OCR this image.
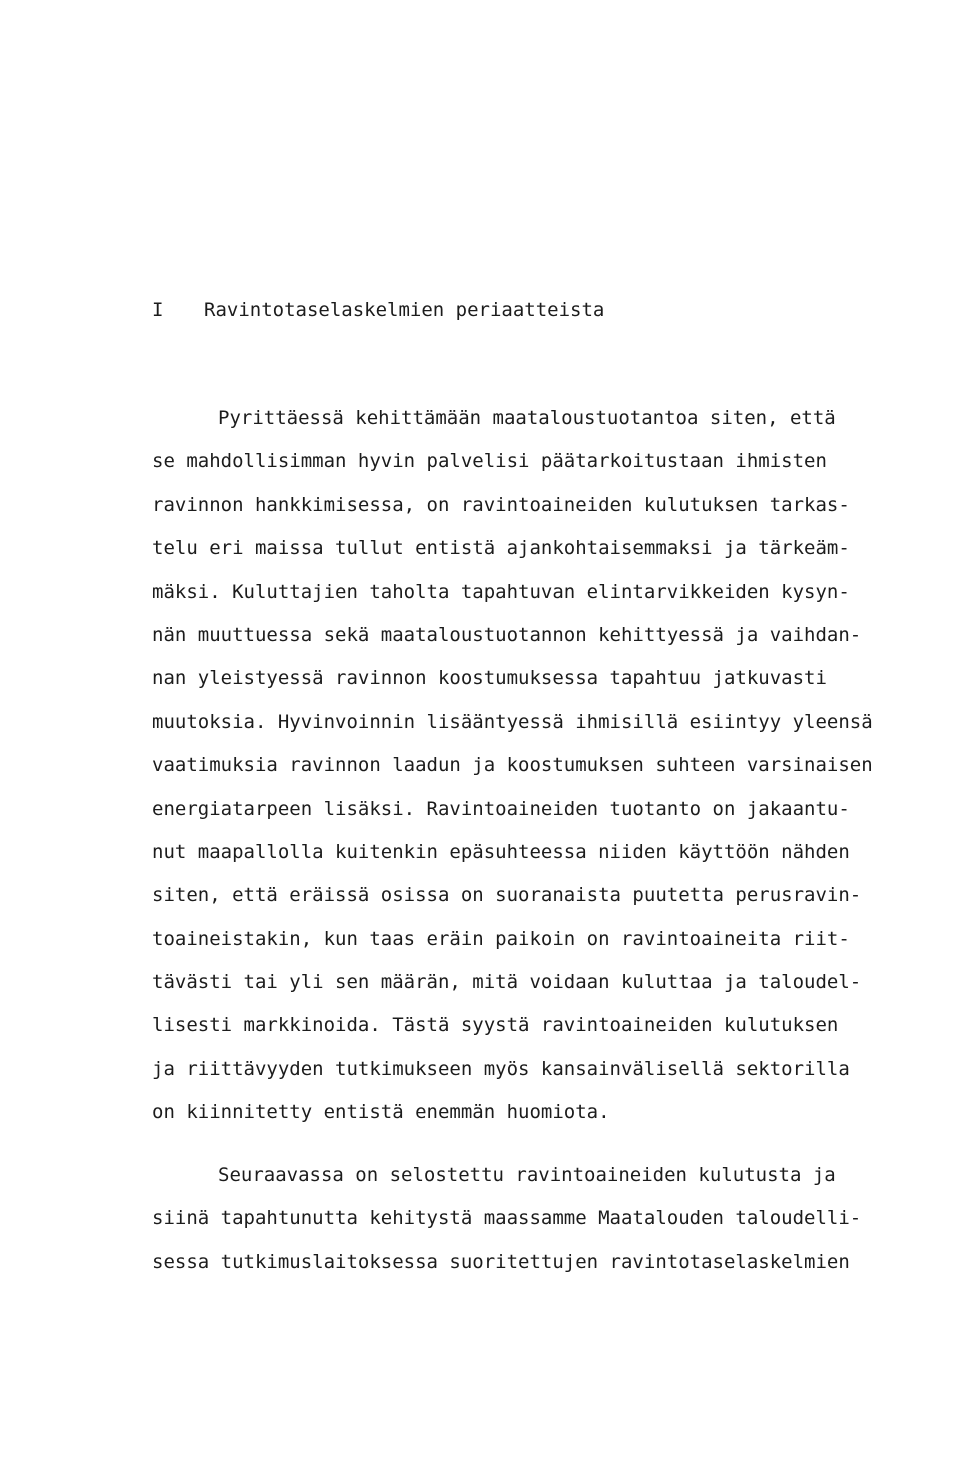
I Ravintotaselaskelmien periaatteista
Pyrittäessä kehittämään maataloustuotantoa siten, että
se mahdollisimman hyvin palvelisi päätarkoitustaan ihmisten
ravinnon hankkimisessa, on ravintoaineiden kulutuksen tarkas-
telu eri maissa tullut entistä ajankohtaisemmaksi ja tärkeäm-
mäksi. Kuluttajien taholta tapahtuvan elintarvikkeiden kysyn-
nän muuttuessa sekä maataloustuotannon kehittyessä ja vaihdan-
nan yleistyessä ravinnon koostumuksessa tapahtuu jatkuvasti
muutoksia. Hyvinvoinnin lisääntyessä ihmisillä esiintyy yleensä
vaatimuksia ravinnon laadun ja koostumuksen suhteen varsinaisen
energiatarpeen lisäksi. Ravintoaineiden tuotanto on jakaantu-
nut maapallolla kuitenkin epäsuhteessa niiden käyttöön nähden
siten, että eräissä osissa on suoranaista puutetta perusravin-
toaineistakin, kun taas eräin paikoin on ravintoaineita riit-
tävästi tai yli sen määrän, mitä voidaan kuluttaa ja taloudel-
lisesti markkinoida. Tästä syystä ravintoaineiden kulutuksen
ja riittävyyden tutkimukseen myös kansainvälisellä sektorilla
on kiinnitetty entistä enemmän huomiota.
Seuraavassa on selostettu ravintoaineiden kulutusta ja
siinä tapahtunutta kehitystä maassamme Maatalouden taloudelli-
sessa tutkimuslaitoksessa suoritettujen ravintotaselaskelmien
